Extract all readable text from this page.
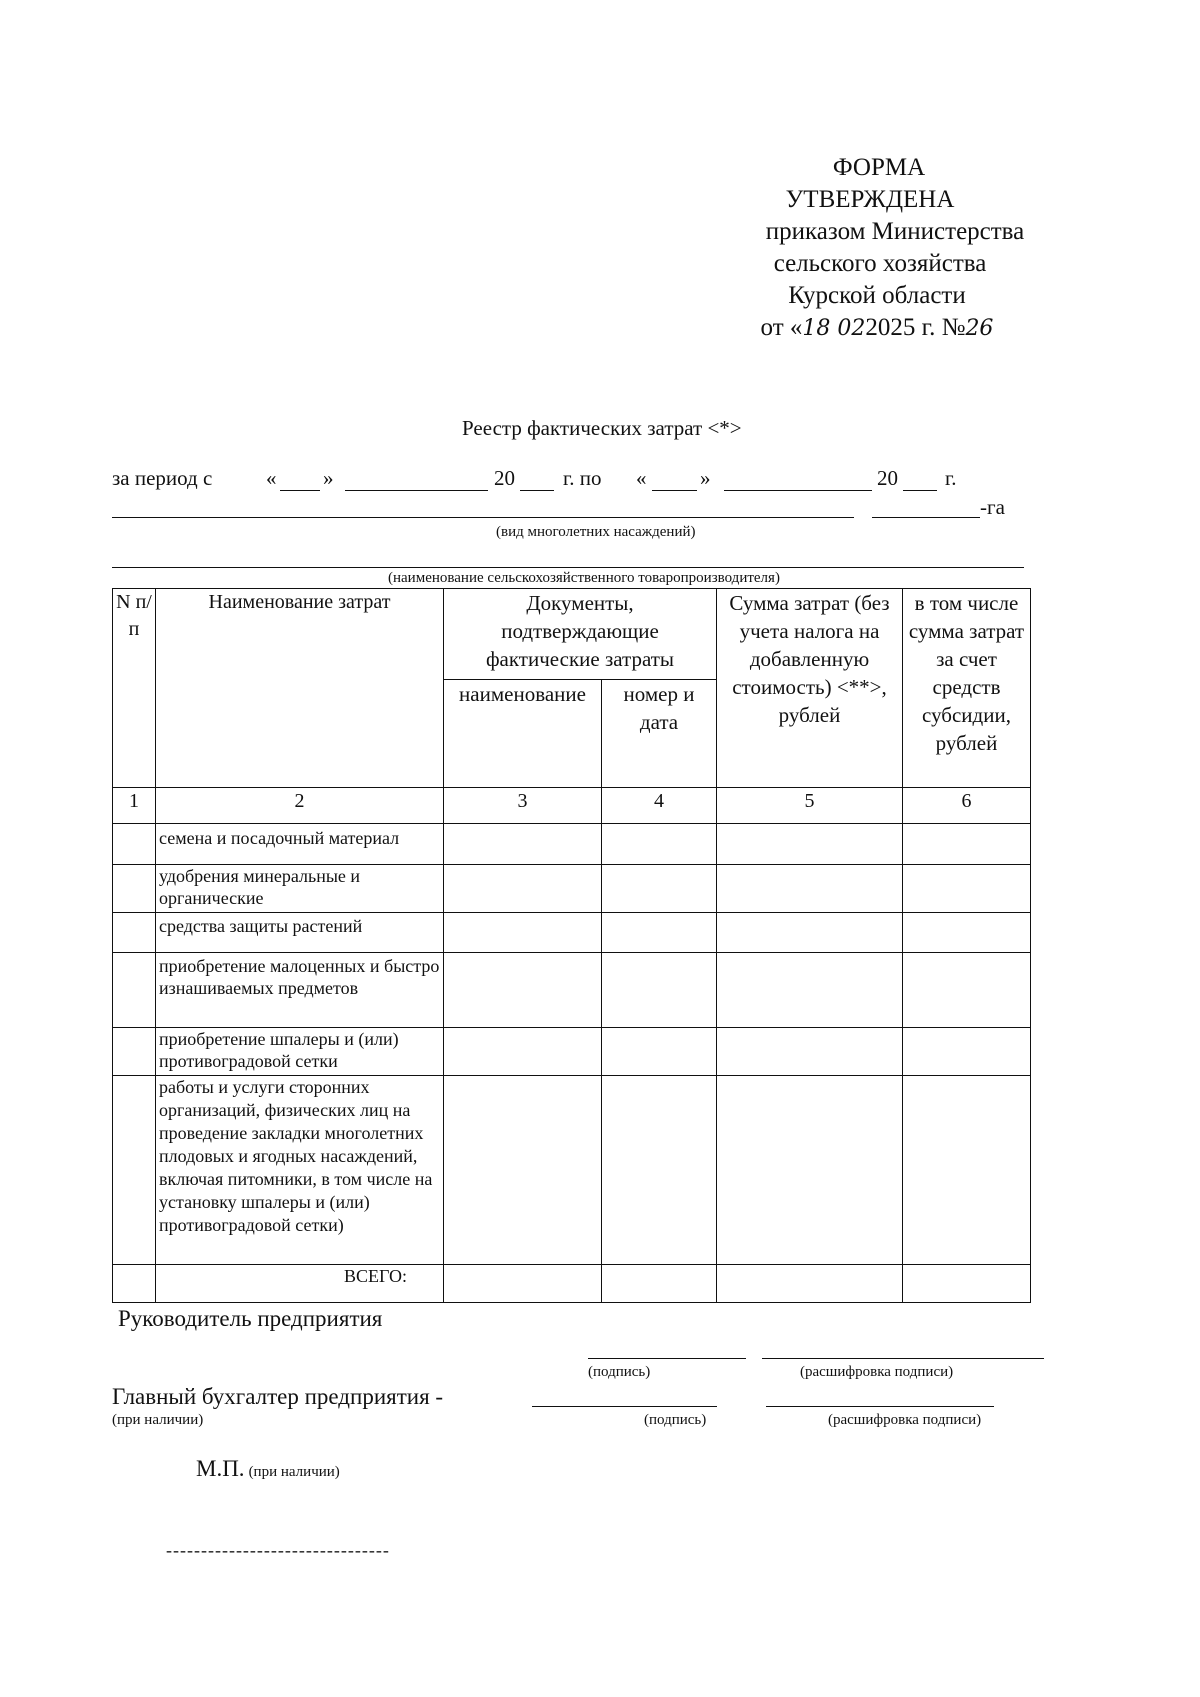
ФОРМА
УТВЕРЖДЕНА
приказом Министерства
сельского хозяйства
Курской области
от «18 022025 г. №26
Реестр фактических затрат <*>
за период с	« »	20 г. по «	»	20 г.
-га
(вид многолетних насаждений)
(наименование сельскохозяйственного товаропроизводителя)
N п/п	Наименование затрат	Документы, подтверждающие фактические затраты		Сумма затрат (без учета налога на добавленную стоимость) <**>, рублей	в том числе сумма затрат за счет средств субсидии, рублей
		наименование	номер и дата		
1	2	3	4	5	6
	семена и посадочный материал				
	удобрения минеральные и органические				
	средства защиты растений				
	приобретение малоценных и быстро изнашиваемых предметов				
	приобретение шпалеры и (или) противоградовой сетки				
	работы и услуги сторонних организаций, физических лиц на проведение закладки многолетних плодовых и ягодных насаждений, включая питомники, в том числе на установку шпалеры и (или) противоградовой сетки)				
	ВСЕГО:				
Руководитель предприятия
(подпись)	(расшифровка подписи)
Главный бухгалтер предприятия -
(при наличии)	(подпись)	(расшифровка подписи)
М.П. (при наличии)
--------------------------------
